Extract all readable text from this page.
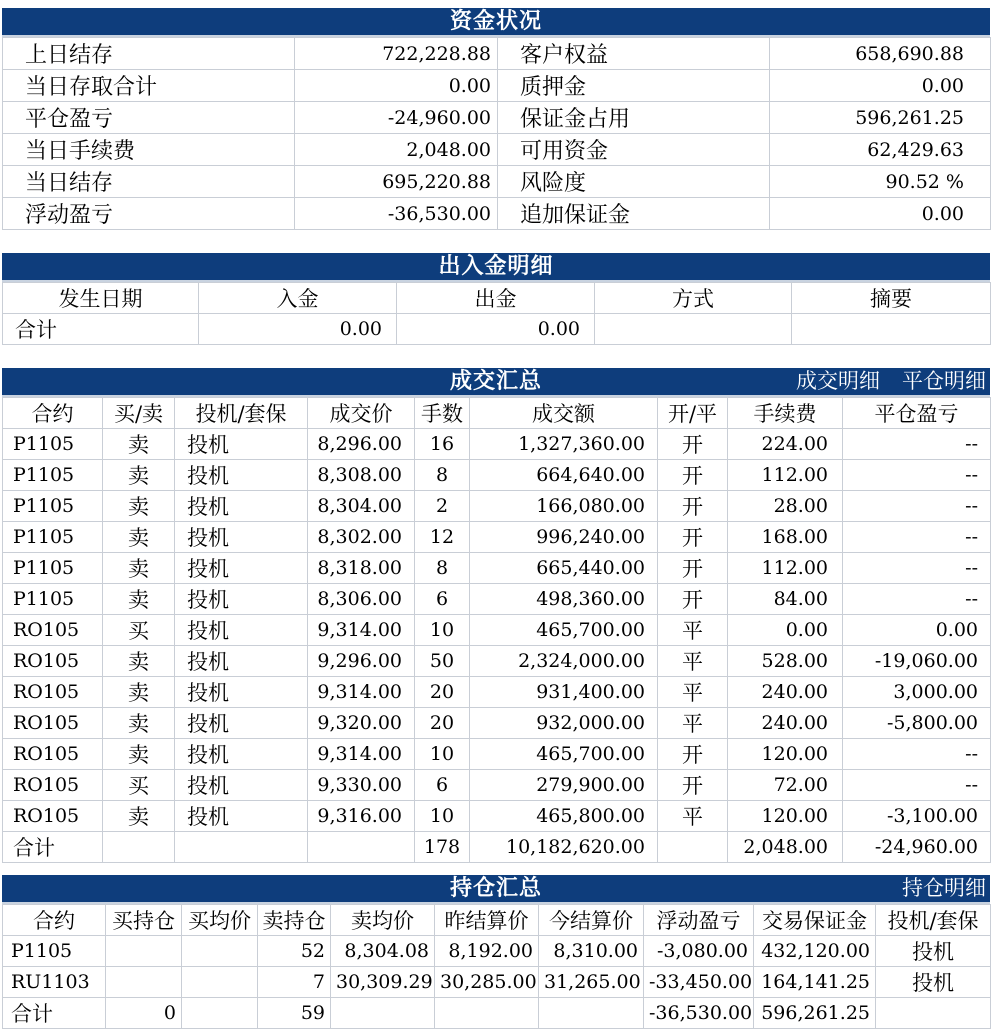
资金状况
上日结存	722,228.88	客户权益	658,690.88
当日存取合计	0.00	质押金	0.00
平仓盈亏	-24,960.00	保证金占用	596,261.25
当日手续费	2,048.00	可用资金	62,429.63
当日结存	695,220.88	风险度	90.52 %
浮动盈亏	-36,530.00	追加保证金	0.00
出入金明细
发生日期	入金	出金	方式	摘要
合计	0.00	0.00		
成交汇总	成交明细 平仓明细
合约	买/卖	投机/套保	成交价	手数	成交额	开/平	手续费	平仓盈亏
P1105	卖	投机	8,296.00	16	1,327,360.00	开	224.00	--
P1105	卖	投机	8,308.00	8	664,640.00	开	112.00	--
P1105	卖	投机	8,304.00	2	166,080.00	开	28.00	--
P1105	卖	投机	8,302.00	12	996,240.00	开	168.00	--
P1105	卖	投机	8,318.00	8	665,440.00	开	112.00	--
P1105	卖	投机	8,306.00	6	498,360.00	开	84.00	--
RO105	买	投机	9,314.00	10	465,700.00	平	0.00	0.00
RO105	卖	投机	9,296.00	50	2,324,000.00	平	528.00	-19,060.00
RO105	卖	投机	9,314.00	20	931,400.00	平	240.00	3,000.00
RO105	卖	投机	9,320.00	20	932,000.00	平	240.00	-5,800.00
RO105	卖	投机	9,314.00	10	465,700.00	开	120.00	--
RO105	买	投机	9,330.00	6	279,900.00	开	72.00	--
RO105	卖	投机	9,316.00	10	465,800.00	平	120.00	-3,100.00
合计				178	10,182,620.00		2,048.00	-24,960.00
持仓汇总	持仓明细
合约	买持仓	买均价	卖持仓	卖均价	昨结算价	今结算价	浮动盈亏	交易保证金	投机/套保
P1105			52	8,304.08	8,192.00	8,310.00	-3,080.00	432,120.00	投机
RU1103			7	30,309.29	30,285.00	31,265.00	-33,450.00	164,141.25	投机
合计	0		59				-36,530.00	596,261.25	
